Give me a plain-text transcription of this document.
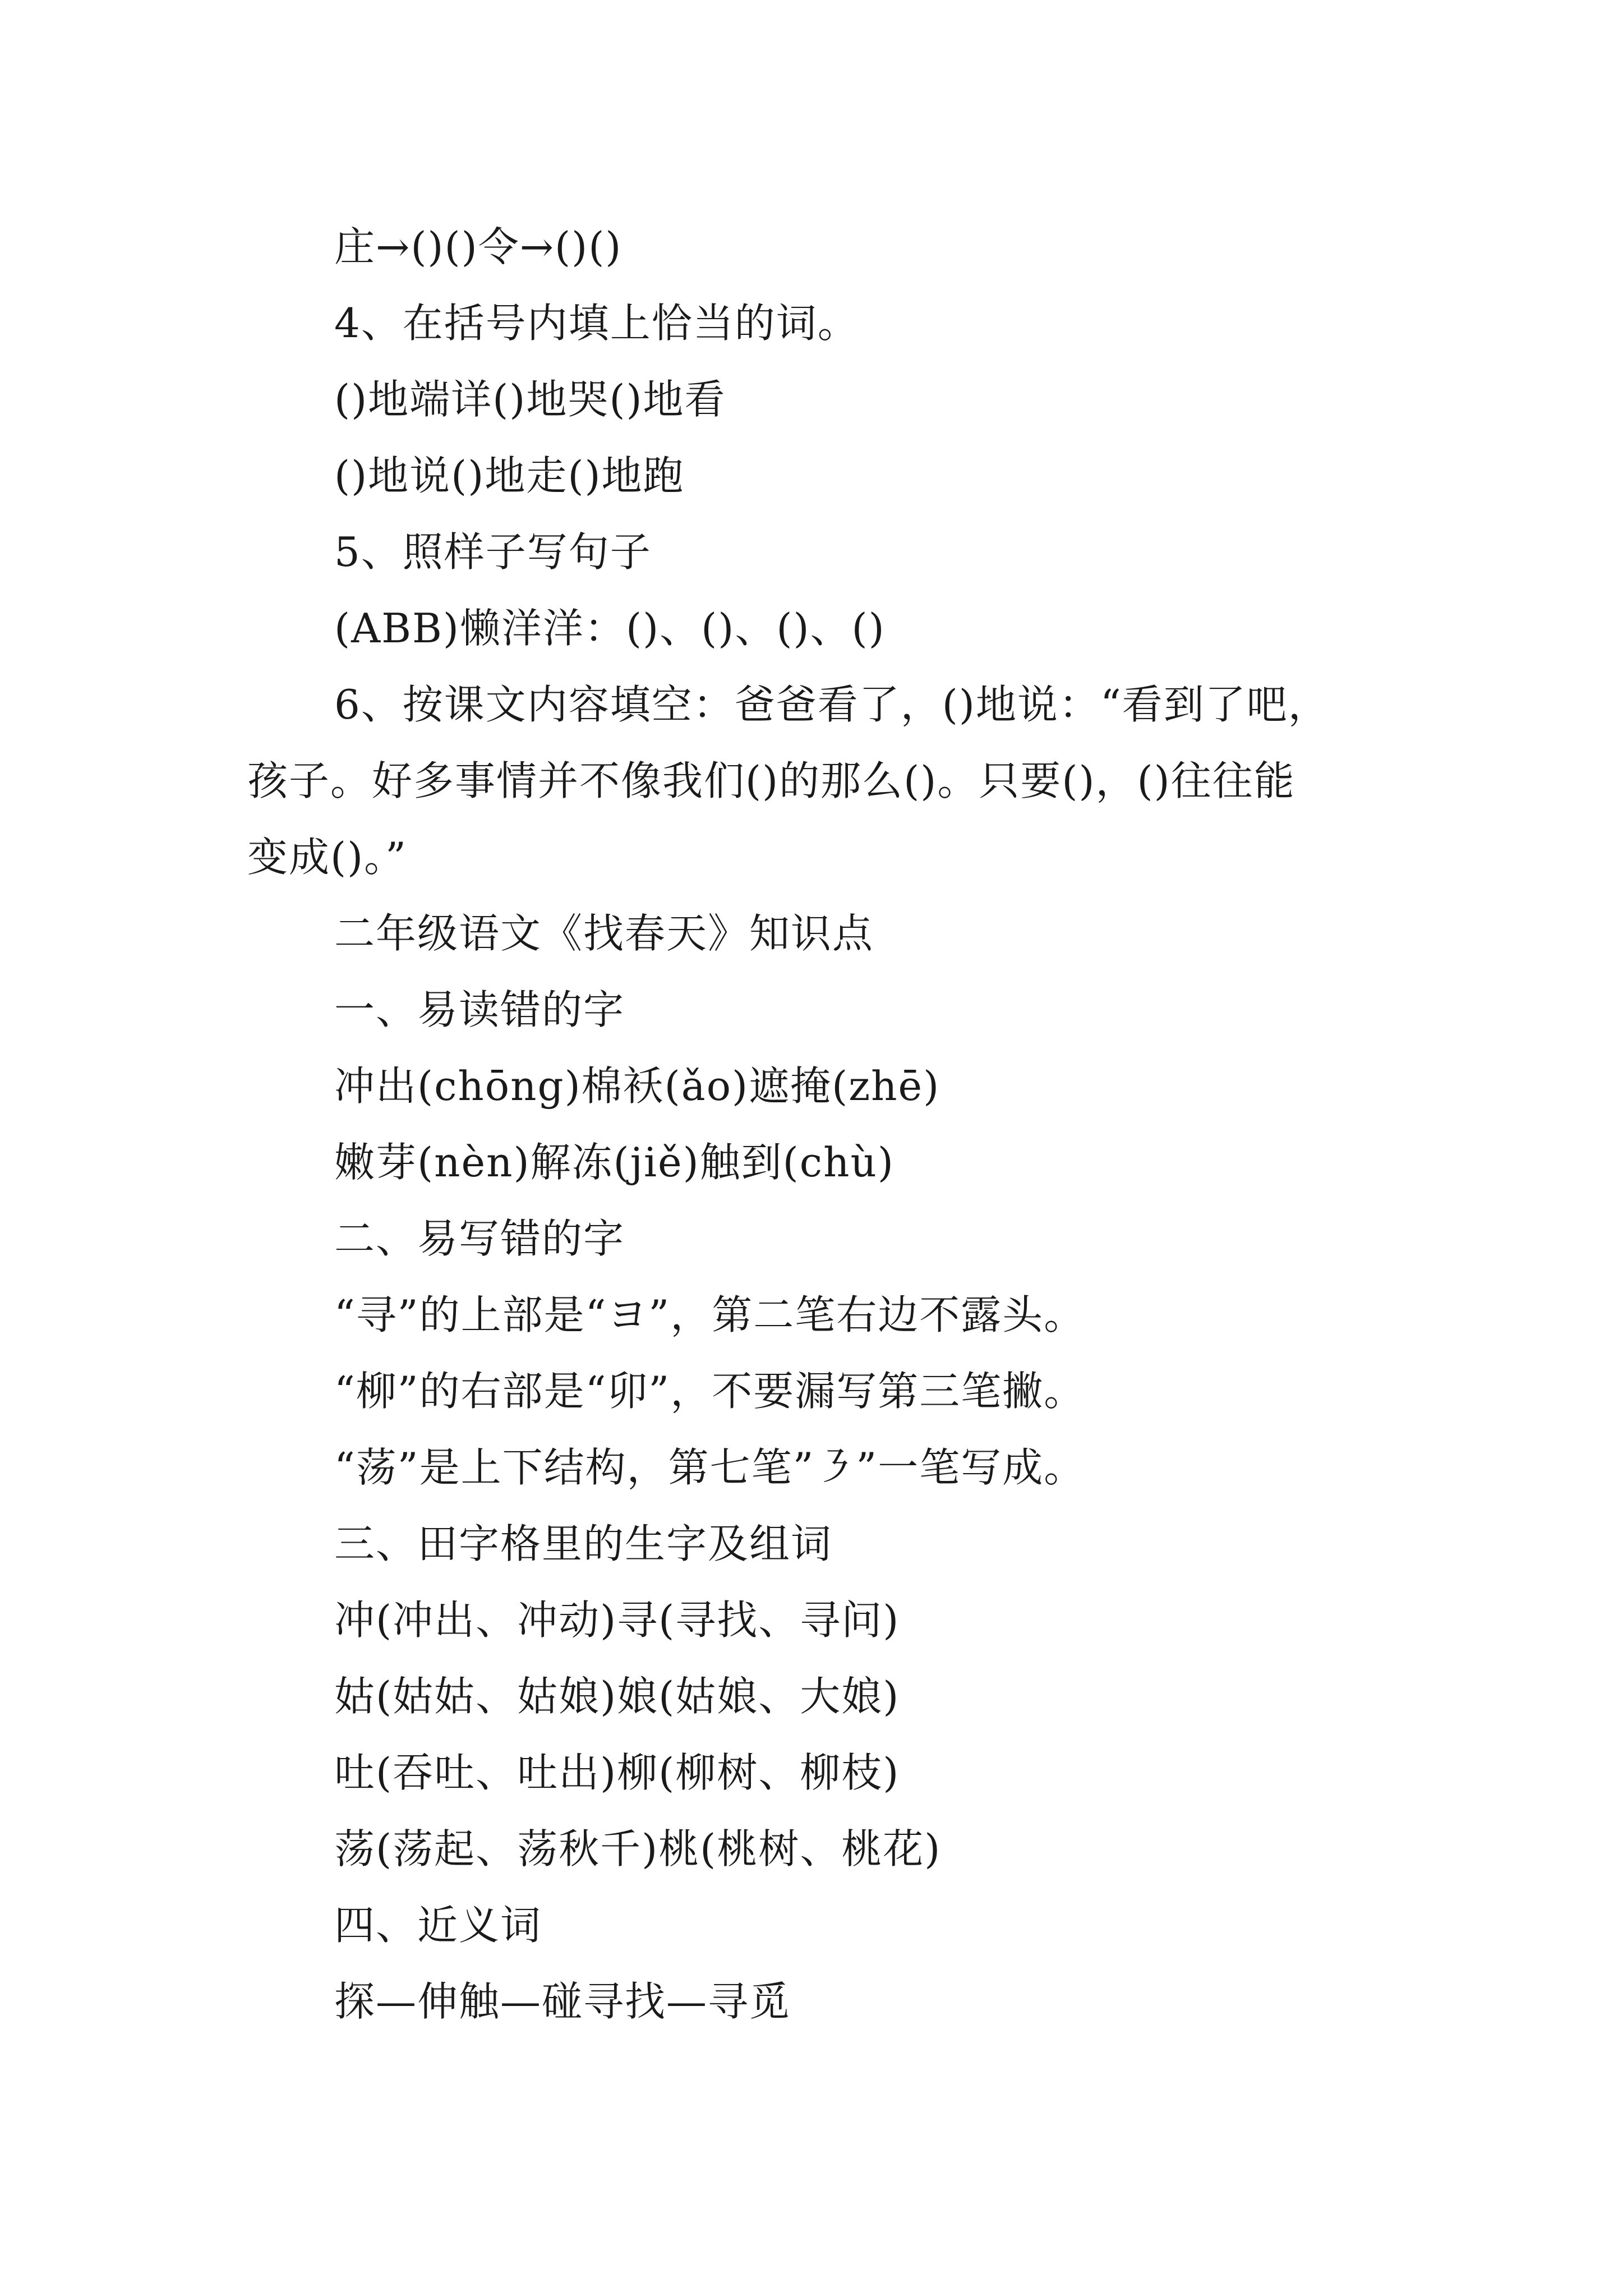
庄→()()令→()()
4、在括号内填上恰当的词。
()地端详()地哭()地看
()地说()地走()地跑
5、照样子写句子
(ABB)懒洋洋：()、()、()、()
6、按课文内容填空：爸爸看了，()地说：“看到了吧，
孩子。好多事情并不像我们()的那么()。只要()，()往往能
变成()。”
二年级语文《找春天》知识点
一、易读错的字
冲出(chōng)棉袄(ǎo)遮掩(zhē)
嫩芽(nèn)解冻(jiě)触到(chù)
二、易写错的字
“寻”的上部是“ヨ”，第二笔右边不露头。
“柳”的右部是“卯”，不要漏写第三笔撇。
“荡”是上下结构，第七笔”㇋”一笔写成。
三、田字格里的生字及组词
冲(冲出、冲动)寻(寻找、寻问)
姑(姑姑、姑娘)娘(姑娘、大娘)
吐(吞吐、吐出)柳(柳树、柳枝)
荡(荡起、荡秋千)桃(桃树、桃花)
四、近义词
探—伸触—碰寻找—寻觅
